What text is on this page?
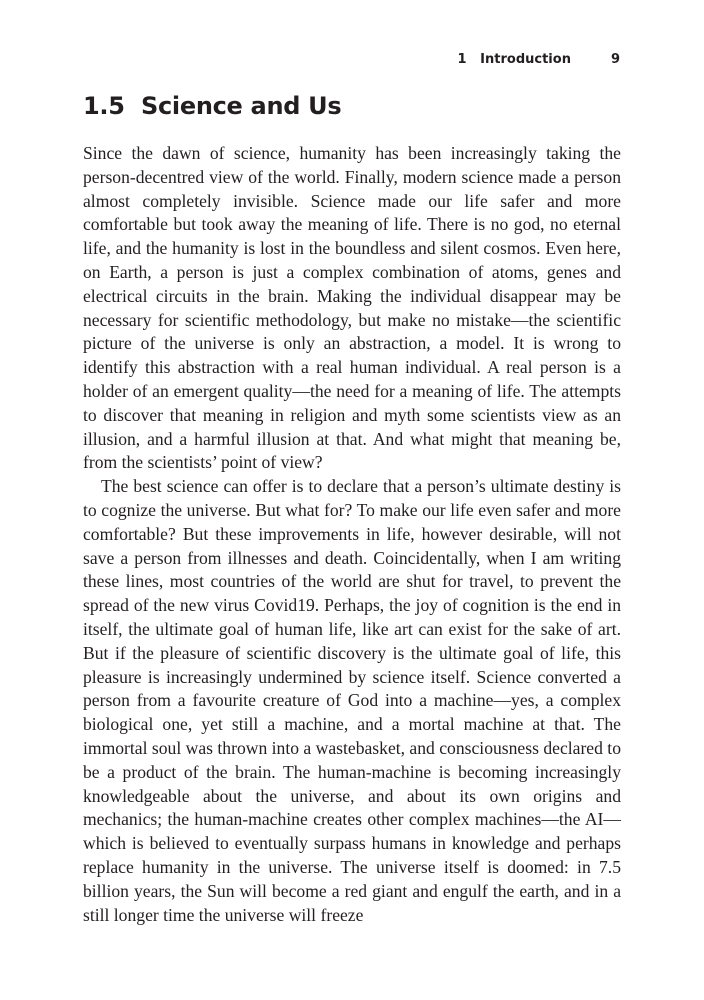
1 Introduction	9
1.5 Science and Us

Since the dawn of science, humanity has been increasingly taking the person-decentred view of the world. Finally, modern science made a person almost completely invisible. Science made our life safer and more comfortable but took away the meaning of life. There is no god, no eternal life, and the humanity is lost in the boundless and silent cosmos. Even here, on Earth, a person is just a complex combination of atoms, genes and electrical circuits in the brain. Making the individual disappear may be necessary for scientific methodology, but make no mistake—the scientific picture of the universe is only an abstraction, a model. It is wrong to identify this abstraction with a real human individual. A real person is a holder of an emergent quality—the need for a meaning of life. The attempts to discover that meaning in religion and myth some scientists view as an illusion, and a harmful illusion at that. And what might that meaning be, from the scientists’ point of view?

The best science can offer is to declare that a person’s ultimate destiny is to cognize the universe. But what for? To make our life even safer and more comfortable? But these improvements in life, however desirable, will not save a person from illnesses and death. Coincidentally, when I am writing these lines, most countries of the world are shut for travel, to prevent the spread of the new virus Covid19. Perhaps, the joy of cognition is the end in itself, the ultimate goal of human life, like art can exist for the sake of art. But if the pleasure of scientific discovery is the ultimate goal of life, this pleasure is increasingly undermined by science itself. Science converted a person from a favourite creature of God into a machine—yes, a complex biological one, yet still a machine, and a mortal machine at that. The immortal soul was thrown into a wastebasket, and consciousness declared to be a product of the brain. The human-machine is becoming increasingly knowledgeable about the universe, and about its own origins and mechanics; the human-machine creates other complex machines—the AI—which is believed to eventually surpass humans in knowledge and perhaps replace humanity in the universe. The universe itself is doomed: in 7.5 billion years, the Sun will become a red giant and engulf the earth, and in a still longer time the universe will freeze
